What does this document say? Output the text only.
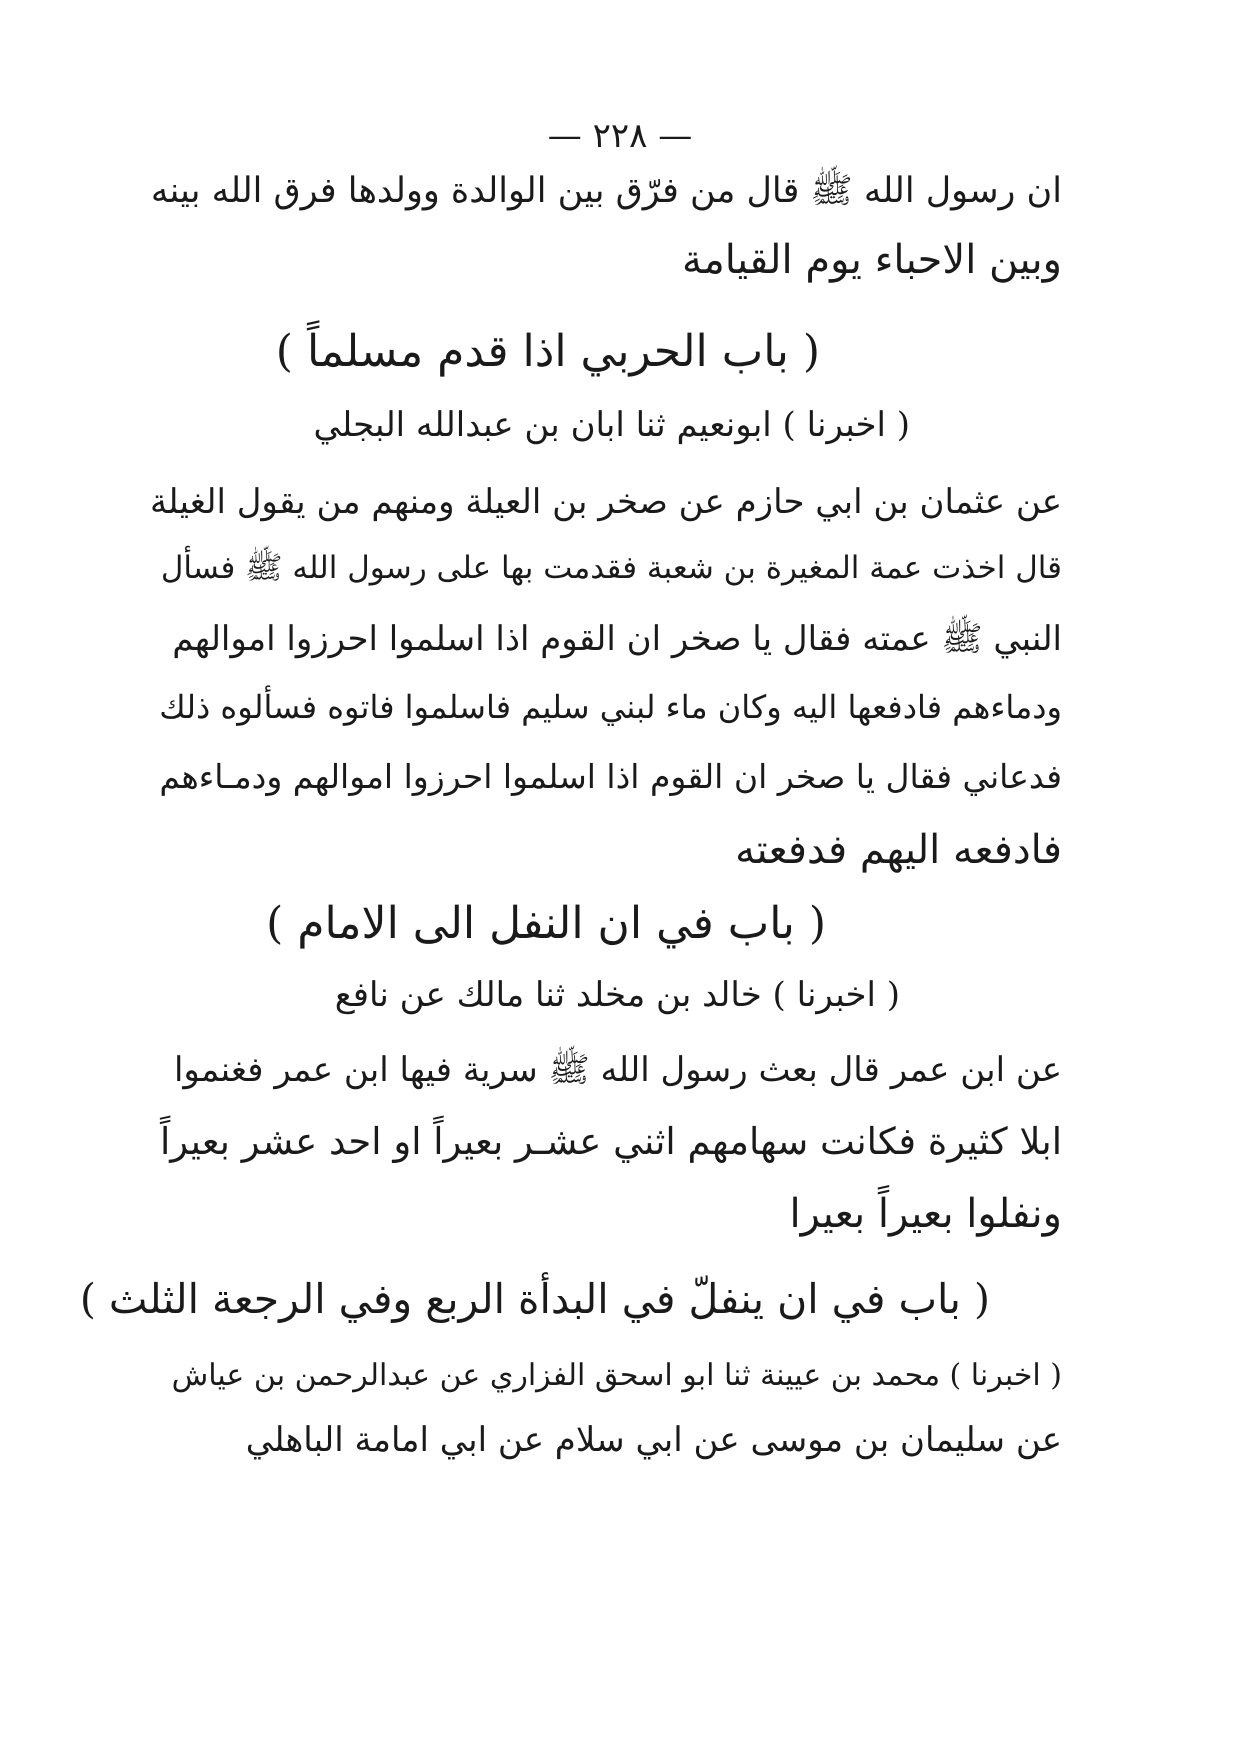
— ٢٢٨ —
ان رسول الله ﷺ قال من فرّق بين الوالدة وولدها فرق الله بينه
وبين الاحباء يوم القيامة
( باب الحربي اذا قدم مسلماً )
( اخبرنا ) ابونعيم ثنا ابان بن عبدالله البجلي
عن عثمان بن ابي حازم عن صخر بن العيلة ومنهم من يقول الغيلة
قال اخذت عمة المغيرة بن شعبة فقدمت بها على رسول الله ﷺ فسأل
النبي ﷺ عمته فقال يا صخر ان القوم اذا اسلموا احرزوا اموالهم
ودماءهم فادفعها اليه وكان ماء لبني سليم فاسلموا فاتوه فسألوه ذلك
فدعاني فقال يا صخر ان القوم اذا اسلموا احرزوا اموالهم ودمـاءهم
فادفعه اليهم فدفعته
( باب في ان النفل الى الامام )
( اخبرنا ) خالد بن مخلد ثنا مالك عن نافع
عن ابن عمر قال بعث رسول الله ﷺ سرية فيها ابن عمر فغنموا
ابلا كثيرة فكانت سهامهم اثني عشـر بعيراً او احد عشر بعيراً
ونفلوا بعيراً بعيرا
( باب في ان ينفلّ في البدأة الربع وفي الرجعة الثلث )
( اخبرنا ) محمد بن عيينة ثنا ابو اسحق الفزاري عن عبدالرحمن بن عياش
عن سليمان بن موسى عن ابي سلام عن ابي امامة الباهلي
